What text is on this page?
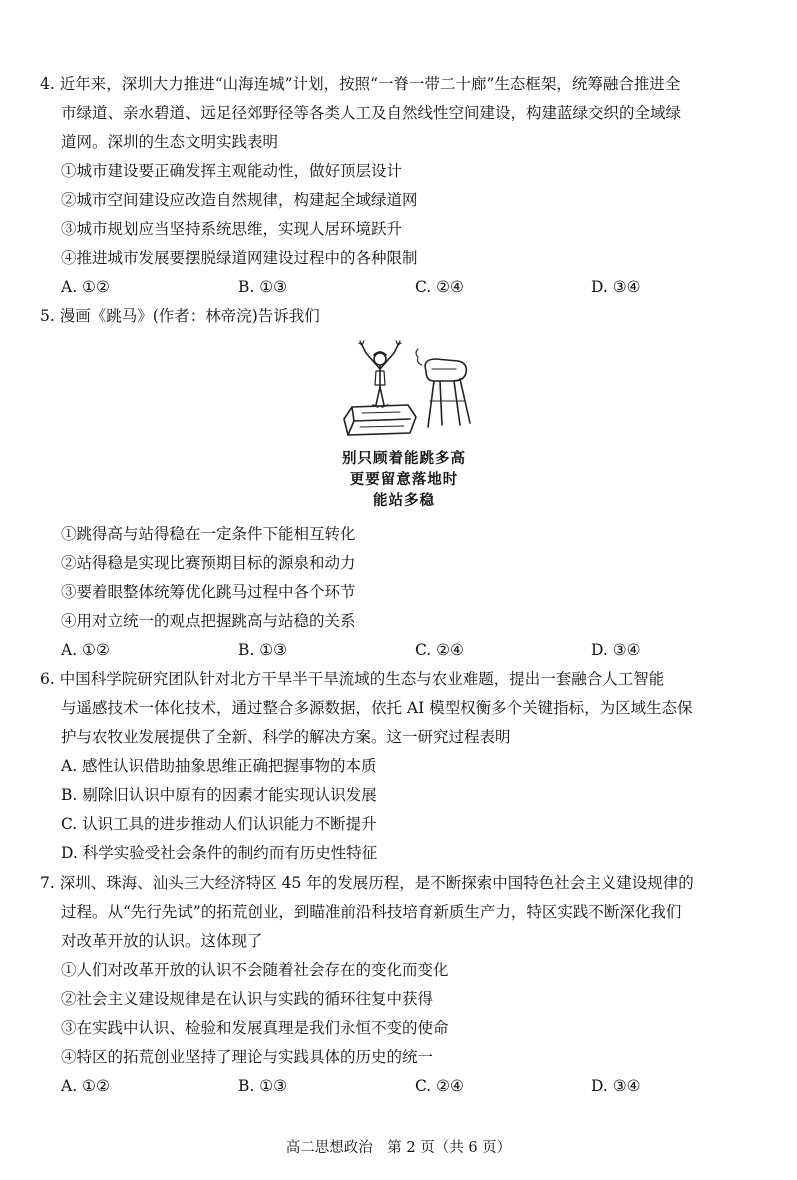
4. 近年来，深圳大力推进“山海连城”计划，按照“一脊一带二十廊”生态框架，统筹融合推进全
市绿道、亲水碧道、远足径郊野径等各类人工及自然线性空间建设，构建蓝绿交织的全域绿
道网。深圳的生态文明实践表明
①城市建设要正确发挥主观能动性，做好顶层设计
②城市空间建设应改造自然规律，构建起全域绿道网
③城市规划应当坚持系统思维，实现人居环境跃升
④推进城市发展要摆脱绿道网建设过程中的各种限制
A. ①②	B. ①③	C. ②④	D. ③④
5. 漫画《跳马》(作者：林帝浣)告诉我们
别只顾着能跳多高
更要留意落地时
能站多稳
①跳得高与站得稳在一定条件下能相互转化
②站得稳是实现比赛预期目标的源泉和动力
③要着眼整体统筹优化跳马过程中各个环节
④用对立统一的观点把握跳高与站稳的关系
A. ①②	B. ①③	C. ②④	D. ③④
6. 中国科学院研究团队针对北方干旱半干旱流域的生态与农业难题，提出一套融合人工智能
与遥感技术一体化技术，通过整合多源数据，依托 AI 模型权衡多个关键指标，为区域生态保
护与农牧业发展提供了全新、科学的解决方案。这一研究过程表明
A. 感性认识借助抽象思维正确把握事物的本质
B. 剔除旧认识中原有的因素才能实现认识发展
C. 认识工具的进步推动人们认识能力不断提升
D. 科学实验受社会条件的制约而有历史性特征
7. 深圳、珠海、汕头三大经济特区 45 年的发展历程，是不断探索中国特色社会主义建设规律的
过程。从“先行先试”的拓荒创业，到瞄准前沿科技培育新质生产力，特区实践不断深化我们
对改革开放的认识。这体现了
①人们对改革开放的认识不会随着社会存在的变化而变化
②社会主义建设规律是在认识与实践的循环往复中获得
③在实践中认识、检验和发展真理是我们永恒不变的使命
④特区的拓荒创业坚持了理论与实践具体的历史的统一
A. ①②	B. ①③	C. ②④	D. ③④
高二思想政治　第 2 页（共 6 页）
